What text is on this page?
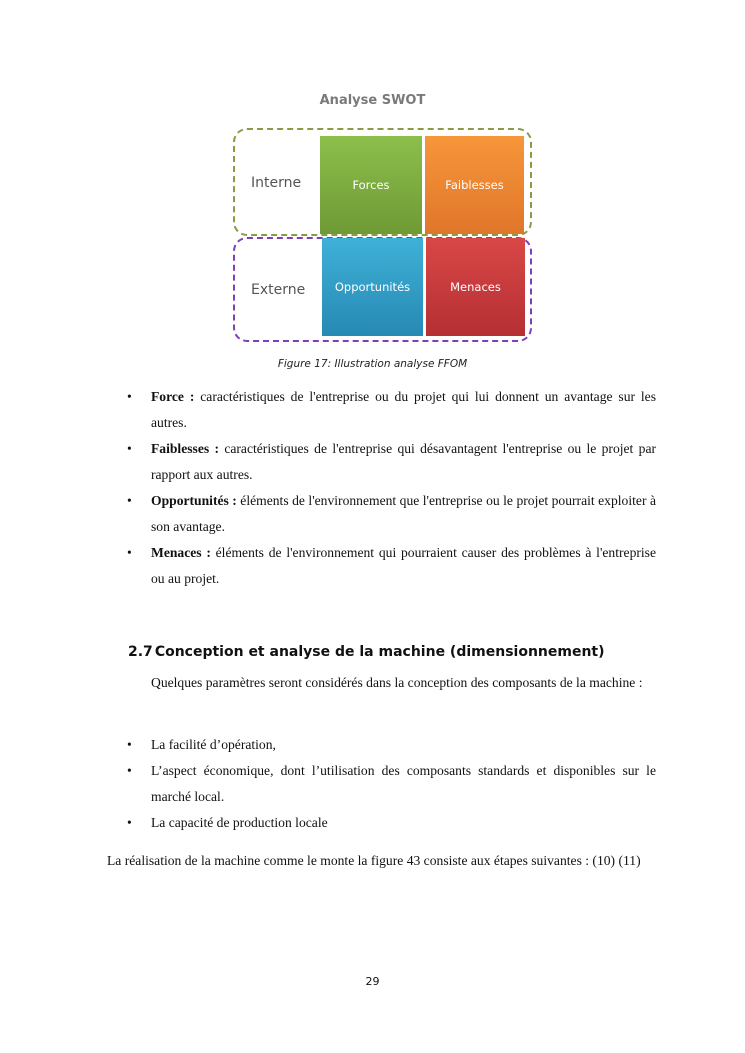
Analyse SWOT
Interne
Externe
Forces	Faiblesses
Opportunités	Menaces
Figure 17: Illustration analyse FFOM

• Force : caractéristiques de l'entreprise ou du projet qui lui donnent un avantage sur les autres.

• Faiblesses : caractéristiques de l'entreprise qui désavantagent l'entreprise ou le projet par rapport aux autres.

• Opportunités : éléments de l'environnement que l'entreprise ou le projet pourrait exploiter à son avantage.

• Menaces : éléments de l'environnement qui pourraient causer des problèmes à l'entreprise ou au projet.

2.7 Conception et analyse de la machine (dimensionnement)

Quelques paramètres seront considérés dans la conception des composants de la machine :

• La facilité d’opération,

• L’aspect économique, dont l’utilisation des composants standards et disponibles sur le marché local.

• La capacité de production locale

La réalisation de la machine comme le monte la figure 43 consiste aux étapes suivantes : (10) (11)

29
